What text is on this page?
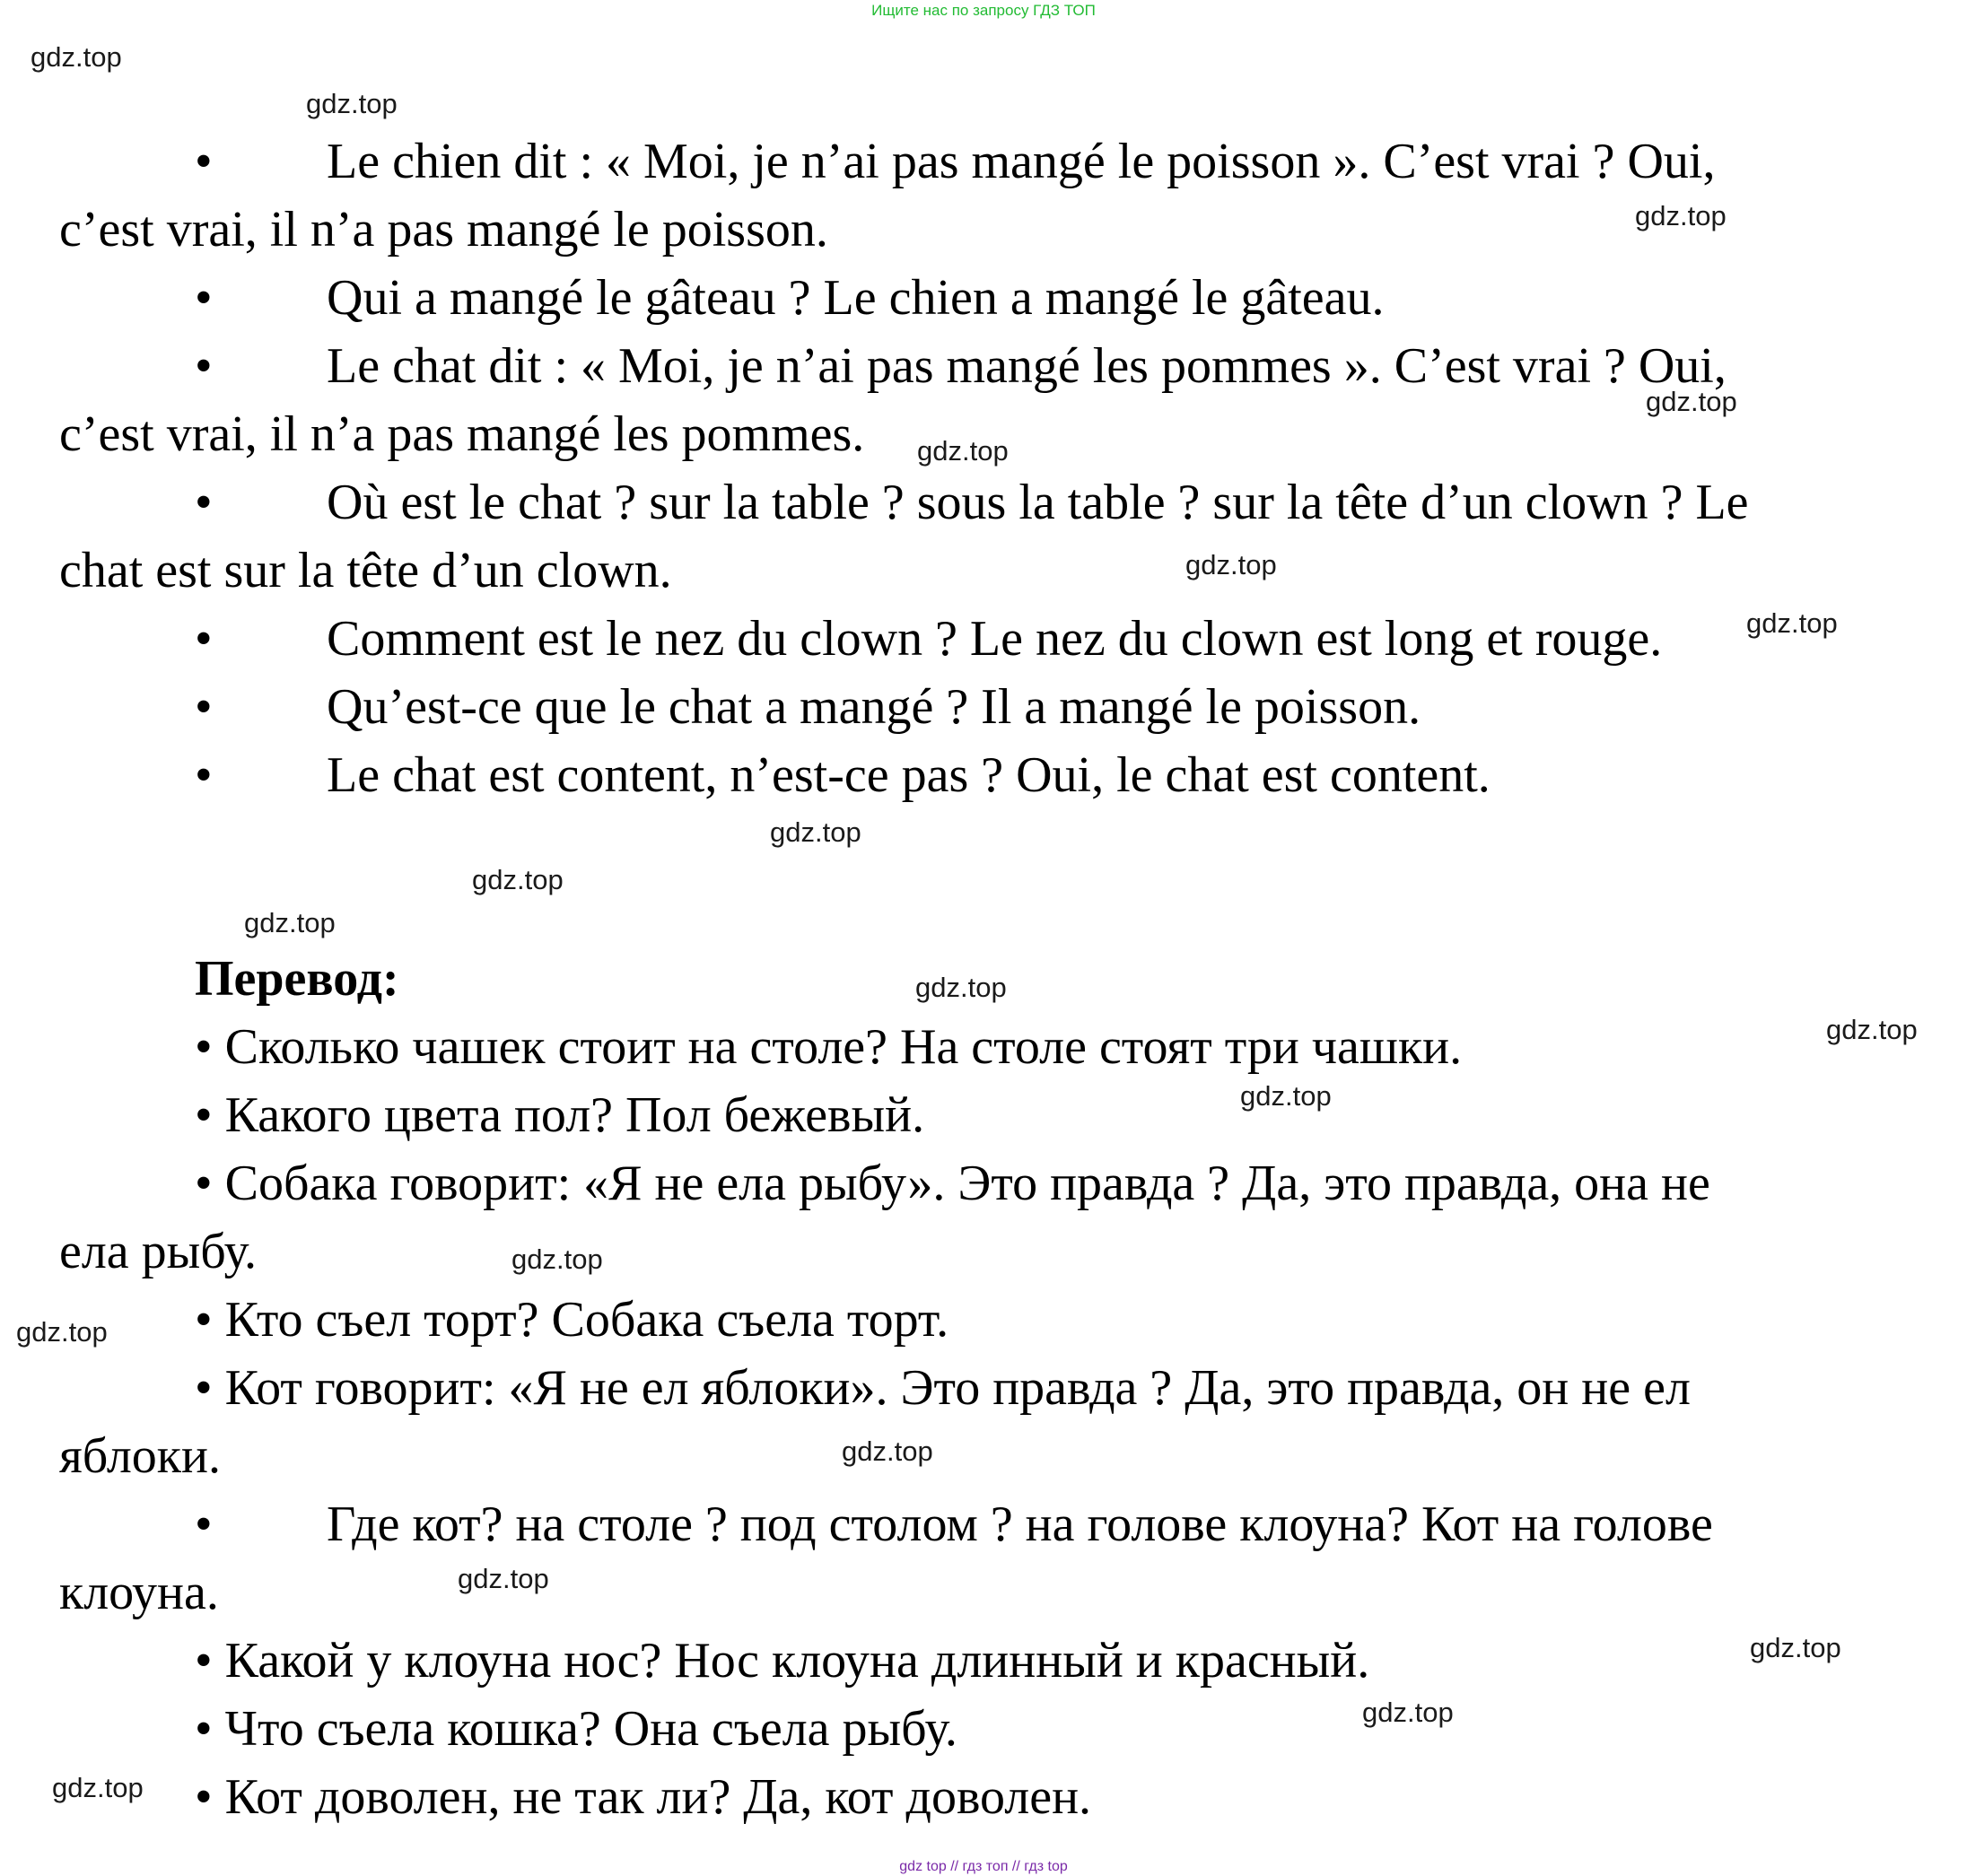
Ищите нас по запросу ГДЗ ТОП
• Le chien dit : « Moi, je n’ai pas mangé le poisson ». C’est vrai ? Oui,
c’est vrai, il n’a pas mangé le poisson.
• Qui a mangé le gâteau ? Le chien a mangé le gâteau.
• Le chat dit : « Moi, je n’ai pas mangé les pommes ». C’est vrai ? Oui,
c’est vrai, il n’a pas mangé les pommes.
• Où est le chat ? sur la table ? sous la table ? sur la tête d’un clown ? Le
chat est sur la tête d’un clown.
• Comment est le nez du clown ? Le nez du clown est long et rouge.
• Qu’est-ce que le chat a mangé ? Il a mangé le poisson.
• Le chat est content, n’est-ce pas ? Oui, le chat est content.
Перевод:
• Сколько чашек стоит на столе? На столе стоят три чашки.
• Какого цвета пол? Пол бежевый.
• Собака говорит: «Я не ела рыбу». Это правда ? Да, это правда, она не
ела рыбу.
• Кто съел торт? Собака съела торт.
• Кот говорит: «Я не ел яблоки». Это правда ? Да, это правда, он не ел
яблоки.
• Где кот? на столе ? под столом ? на голове клоуна? Кот на голове
клоуна.
• Какой у клоуна нос? Нос клоуна длинный и красный.
• Что съела кошка? Она съела рыбу.
• Кот доволен, не так ли? Да, кот доволен.
gdz.top
gdz.top
gdz.top
gdz.top
gdz.top
gdz.top
gdz.top
gdz.top
gdz.top
gdz.top
gdz.top
gdz.top
gdz.top
gdz.top
gdz.top
gdz.top
gdz.top
gdz.top
gdz.top
gdz.top
gdz top // гдз топ // гдз top
